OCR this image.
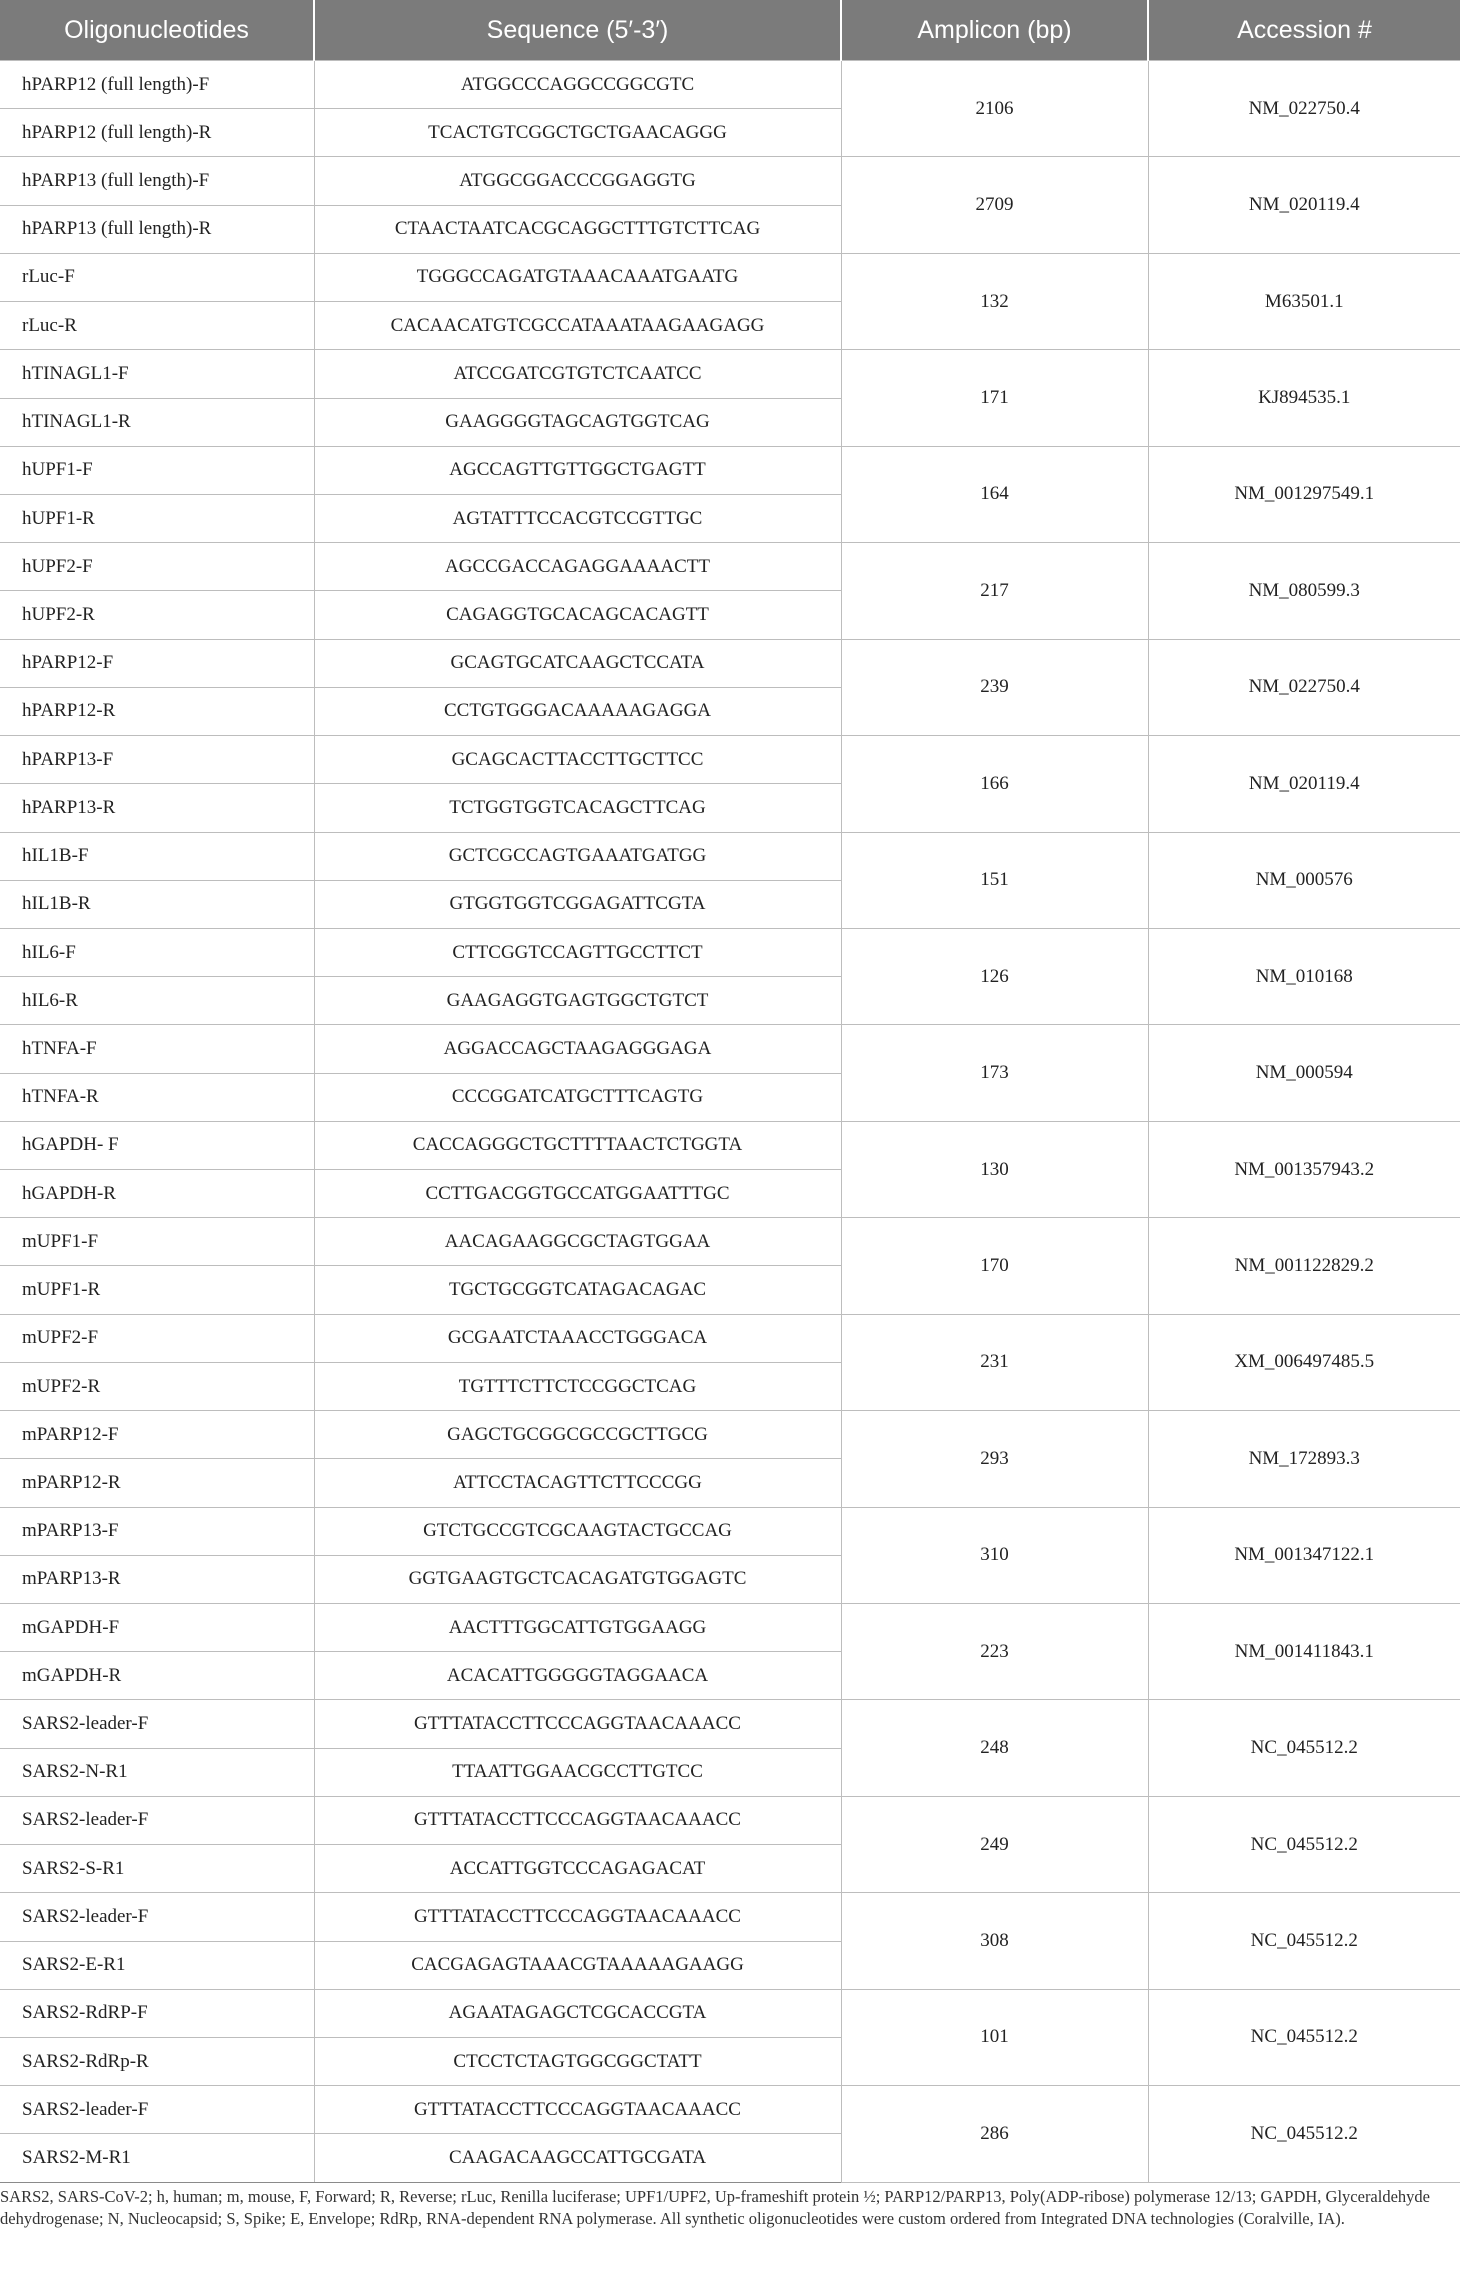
Oligonucleotides	Sequence (5′-3′)	Amplicon (bp)	Accession #
hPARP12 (full length)-F	ATGGCCCAGGCCGGCGTC	2106	NM_022750.4
hPARP12 (full length)-R	TCACTGTCGGCTGCTGAACAGGG		
hPARP13 (full length)-F	ATGGCGGACCCGGAGGTG	2709	NM_020119.4
hPARP13 (full length)-R	CTAACTAATCACGCAGGCTTTGTCTTCAG		
rLuc-F	TGGGCCAGATGTAAACAAATGAATG	132	M63501.1
rLuc-R	CACAACATGTCGCCATAAATAAGAAGAGG		
hTINAGL1-F	ATCCGATCGTGTCTCAATCC	171	KJ894535.1
hTINAGL1-R	GAAGGGGTAGCAGTGGTCAG		
hUPF1-F	AGCCAGTTGTTGGCTGAGTT	164	NM_001297549.1
hUPF1-R	AGTATTTCCACGTCCGTTGC		
hUPF2-F	AGCCGACCAGAGGAAAACTT	217	NM_080599.3
hUPF2-R	CAGAGGTGCACAGCACAGTT		
hPARP12-F	GCAGTGCATCAAGCTCCATA	239	NM_022750.4
hPARP12-R	CCTGTGGGACAAAAAGAGGA		
hPARP13-F	GCAGCACTTACCTTGCTTCC	166	NM_020119.4
hPARP13-R	TCTGGTGGTCACAGCTTCAG		
hIL1B-F	GCTCGCCAGTGAAATGATGG	151	NM_000576
hIL1B-R	GTGGTGGTCGGAGATTCGTA		
hIL6-F	CTTCGGTCCAGTTGCCTTCT	126	NM_010168
hIL6-R	GAAGAGGTGAGTGGCTGTCT		
hTNFA-F	AGGACCAGCTAAGAGGGAGA	173	NM_000594
hTNFA-R	CCCGGATCATGCTTTCAGTG		
hGAPDH- F	CACCAGGGCTGCTTTTAACTCTGGTA	130	NM_001357943.2
hGAPDH-R	CCTTGACGGTGCCATGGAATTTGC		
mUPF1-F	AACAGAAGGCGCTAGTGGAA	170	NM_001122829.2
mUPF1-R	TGCTGCGGTCATAGACAGAC		
mUPF2-F	GCGAATCTAAACCTGGGACA	231	XM_006497485.5
mUPF2-R	TGTTTCTTCTCCGGCTCAG		
mPARP12-F	GAGCTGCGGCGCCGCTTGCG	293	NM_172893.3
mPARP12-R	ATTCCTACAGTTCTTCCCGG		
mPARP13-F	GTCTGCCGTCGCAAGTACTGCCAG	310	NM_001347122.1
mPARP13-R	GGTGAAGTGCTCACAGATGTGGAGTC		
mGAPDH-F	AACTTTGGCATTGTGGAAGG	223	NM_001411843.1
mGAPDH-R	ACACATTGGGGGTAGGAACA		
SARS2-leader-F	GTTTATACCTTCCCAGGTAACAAACC	248	NC_045512.2
SARS2-N-R1	TTAATTGGAACGCCTTGTCC		
SARS2-leader-F	GTTTATACCTTCCCAGGTAACAAACC	249	NC_045512.2
SARS2-S-R1	ACCATTGGTCCCAGAGACAT		
SARS2-leader-F	GTTTATACCTTCCCAGGTAACAAACC	308	NC_045512.2
SARS2-E-R1	CACGAGAGTAAACGTAAAAAGAAGG		
SARS2-RdRP-F	AGAATAGAGCTCGCACCGTA	101	NC_045512.2
SARS2-RdRp-R	CTCCTCTAGTGGCGGCTATT		
SARS2-leader-F	GTTTATACCTTCCCAGGTAACAAACC	286	NC_045512.2
SARS2-M-R1	CAAGACAAGCCATTGCGATA		

SARS2, SARS-CoV-2; h, human; m, mouse, F, Forward; R, Reverse; rLuc, Renilla luciferase; UPF1/UPF2, Up-frameshift protein ½; PARP12/PARP13, Poly(ADP-ribose) polymerase 12/13; GAPDH, Glyceraldehyde dehydrogenase; N, Nucleocapsid; S, Spike; E, Envelope; RdRp, RNA-dependent RNA polymerase. All synthetic oligonucleotides were custom ordered from Integrated DNA technologies (Coralville, IA).
